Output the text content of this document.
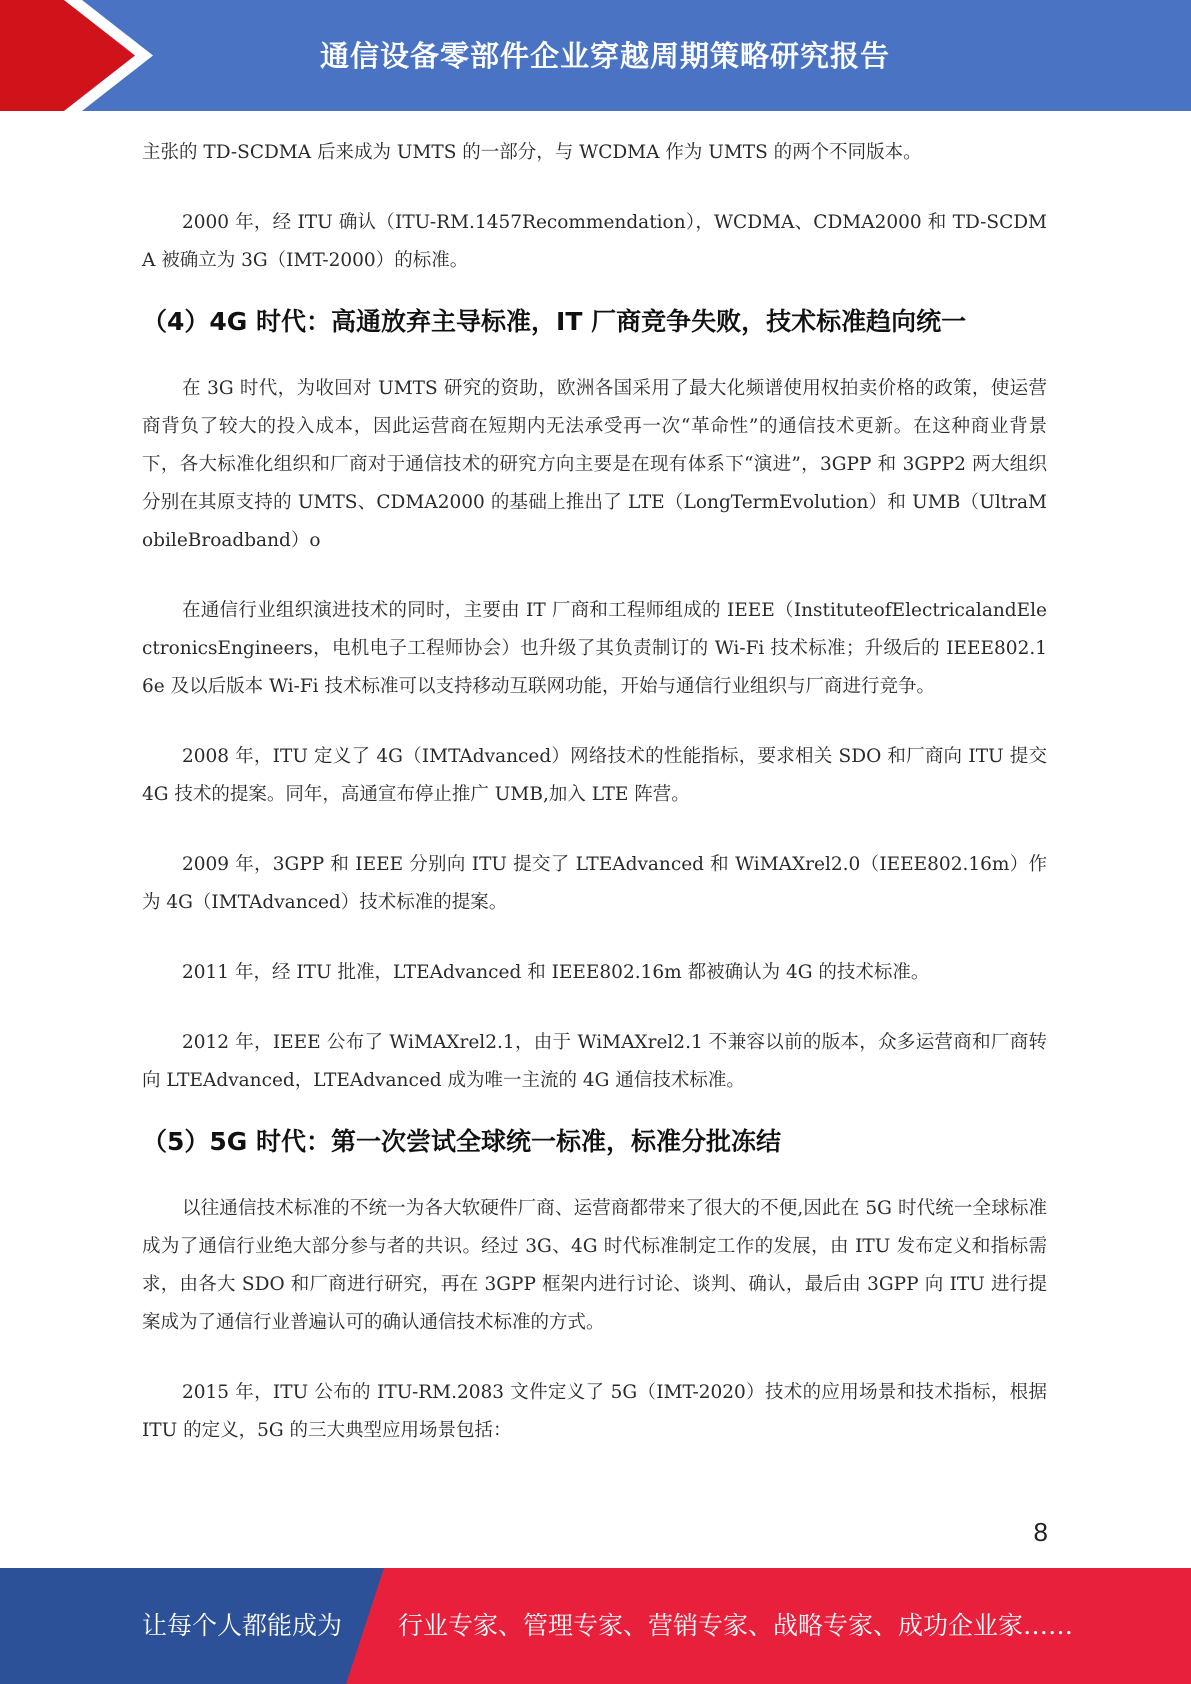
通信设备零部件企业穿越周期策略研究报告

主张的 TD-SCDMA 后来成为 UMTS 的一部分，与 WCDMA 作为 UMTS 的两个不同版本。

2000 年，经 ITU 确认（ITU-RM.1457Recommendation），WCDMA、CDMA2000 和 TD-SCDMA 被确立为 3G（IMT-2000）的标准。

（4）4G 时代：高通放弃主导标准，IT 厂商竞争失败，技术标准趋向统一

在 3G 时代，为收回对 UMTS 研究的资助，欧洲各国采用了最大化频谱使用权拍卖价格的政策，使运营商背负了较大的投入成本，因此运营商在短期内无法承受再一次“革命性”的通信技术更新。在这种商业背景下，各大标准化组织和厂商对于通信技术的研究方向主要是在现有体系下“演进”，3GPP 和 3GPP2 两大组织分别在其原支持的 UMTS、CDMA2000 的基础上推出了 LTE（LongTermEvolution）和 UMB（UltraMobileBroadband）o

在通信行业组织演进技术的同时，主要由 IT 厂商和工程师组成的 IEEE（InstituteofElectricalandElectronicsEngineers，电机电子工程师协会）也升级了其负责制订的 Wi-Fi 技术标准；升级后的 IEEE802.16e 及以后版本 Wi-Fi 技术标准可以支持移动互联网功能，开始与通信行业组织与厂商进行竞争。

2008 年，ITU 定义了 4G（IMTAdvanced）网络技术的性能指标，要求相关 SDO 和厂商向 ITU 提交 4G 技术的提案。同年，高通宣布停止推广 UMB,加入 LTE 阵营。

2009 年，3GPP 和 IEEE 分别向 ITU 提交了 LTEAdvanced 和 WiMAXrel2.0（IEEE802.16m）作为 4G（IMTAdvanced）技术标准的提案。

2011 年，经 ITU 批准，LTEAdvanced 和 IEEE802.16m 都被确认为 4G 的技术标准。

2012 年，IEEE 公布了 WiMAXrel2.1，由于 WiMAXrel2.1 不兼容以前的版本，众多运营商和厂商转向 LTEAdvanced，LTEAdvanced 成为唯一主流的 4G 通信技术标准。

（5）5G 时代：第一次尝试全球统一标准，标准分批冻结

以往通信技术标准的不统一为各大软硬件厂商、运营商都带来了很大的不便,因此在 5G 时代统一全球标准成为了通信行业绝大部分参与者的共识。经过 3G、4G 时代标准制定工作的发展，由 ITU 发布定义和指标需求，由各大 SDO 和厂商进行研究，再在 3GPP 框架内进行讨论、谈判、确认，最后由 3GPP 向 ITU 进行提案成为了通信行业普遍认可的确认通信技术标准的方式。

2015 年，ITU 公布的 ITU-RM.2083 文件定义了 5G（IMT-2020）技术的应用场景和技术指标，根据 ITU 的定义，5G 的三大典型应用场景包括：

8
让每个人都能成为 行业专家、管理专家、营销专家、战略专家、成功企业家……
